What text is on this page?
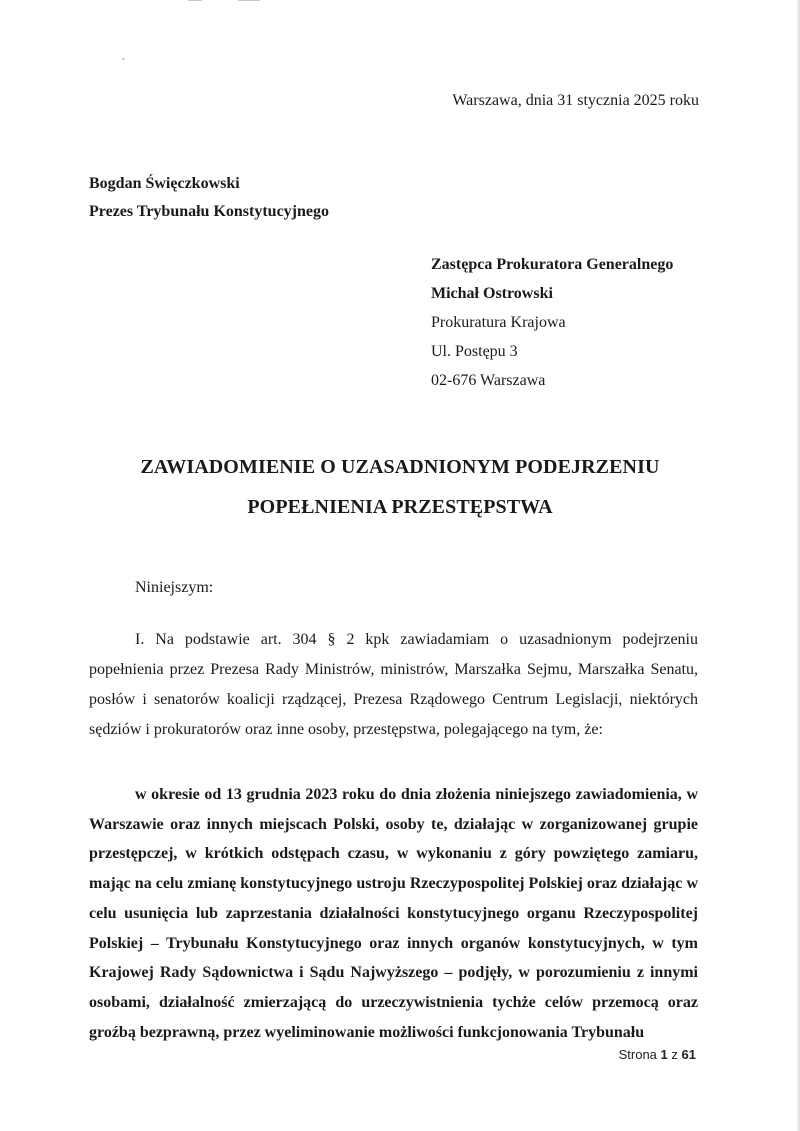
Warszawa, dnia 31 stycznia 2025 roku
Bogdan Święczkowski
Prezes Trybunału Konstytucyjnego
Zastępca Prokuratora Generalnego
Michał Ostrowski
Prokuratura Krajowa
Ul. Postępu 3
02-676 Warszawa
ZAWIADOMIENIE O UZASADNIONYM PODEJRZENIU
POPEŁNIENIA PRZESTĘPSTWA
Niniejszym:

I. Na podstawie art. 304 § 2 kpk zawiadamiam o uzasadnionym podejrzeniu popełnienia przez Prezesa Rady Ministrów, ministrów, Marszałka Sejmu, Marszałka Senatu, posłów i senatorów koalicji rządzącej, Prezesa Rządowego Centrum Legislacji, niektórych sędziów i prokuratorów oraz inne osoby, przestępstwa, polegającego na tym, że:

w okresie od 13 grudnia 2023 roku do dnia złożenia niniejszego zawiadomienia, w Warszawie oraz innych miejscach Polski, osoby te, działając w zorganizowanej grupie przestępczej, w krótkich odstępach czasu, w wykonaniu z góry powziętego zamiaru, mając na celu zmianę konstytucyjnego ustroju Rzeczypospolitej Polskiej oraz działając w celu usunięcia lub zaprzestania działalności konstytucyjnego organu Rzeczypospolitej Polskiej – Trybunału Konstytucyjnego oraz innych organów konstytucyjnych, w tym Krajowej Rady Sądownictwa i Sądu Najwyższego – podjęły, w porozumieniu z innymi osobami, działalność zmierzającą do urzeczywistnienia tychże celów przemocą oraz groźbą bezprawną, przez wyeliminowanie możliwości funkcjonowania Trybunału

Strona 1 z 61
